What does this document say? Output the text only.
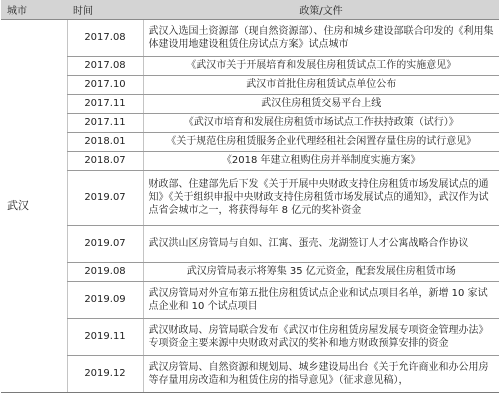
城市	时间	政策/文件
武汉	2017.08	武汉入选国土资源部（现自然资源部）、住房和城乡建设部联合印发的《利用集体建设用地建设租赁住房试点方案》试点城市
	2017.08	《武汉市关于开展培育和发展住房租赁试点工作的实施意见》
	2017.10	武汉市首批住房租赁试点单位公布
	2017.11	武汉住房租赁交易平台上线
	2017.11	《武汉市培育和发展住房租赁市场试点工作扶持政策（试行）》
	2018.01	《关于规范住房租赁服务企业代理经租社会闲置存量住房的试行意见》
	2018.07	《2018 年建立租购住房并举制度实施方案》
	2019.07	财政部、住建部先后下发《关于开展中央财政支持住房租赁市场发展试点的通知》《关于组织申报中央财政支持住房租赁市场发展试点的通知》，武汉作为试点省会城市之一，将获得每年 8 亿元的奖补资金
	2019.07	武汉洪山区房管局与自如、江寓、蛋壳、龙湖签订人才公寓战略合作协议
	2019.08	武汉房管局表示将筹集 35 亿元资金，配套发展住房租赁市场
	2019.09	武汉房管局对外宣布第五批住房租赁试点企业和试点项目名单，新增 10 家试点企业和 10 个试点项目
	2019.11	武汉财政局、房管局联合发布《武汉市住房租赁房屋发展专项资金管理办法》专项资金主要来源中央财政对武汉的奖补和地方财政预算安排的资金
	2019.12	武汉房管局、自然资源和规划局、城乡建设局出台《关于允许商业和办公用房等存量用房改造和为租赁住房的指导意见》（征求意见稿），
